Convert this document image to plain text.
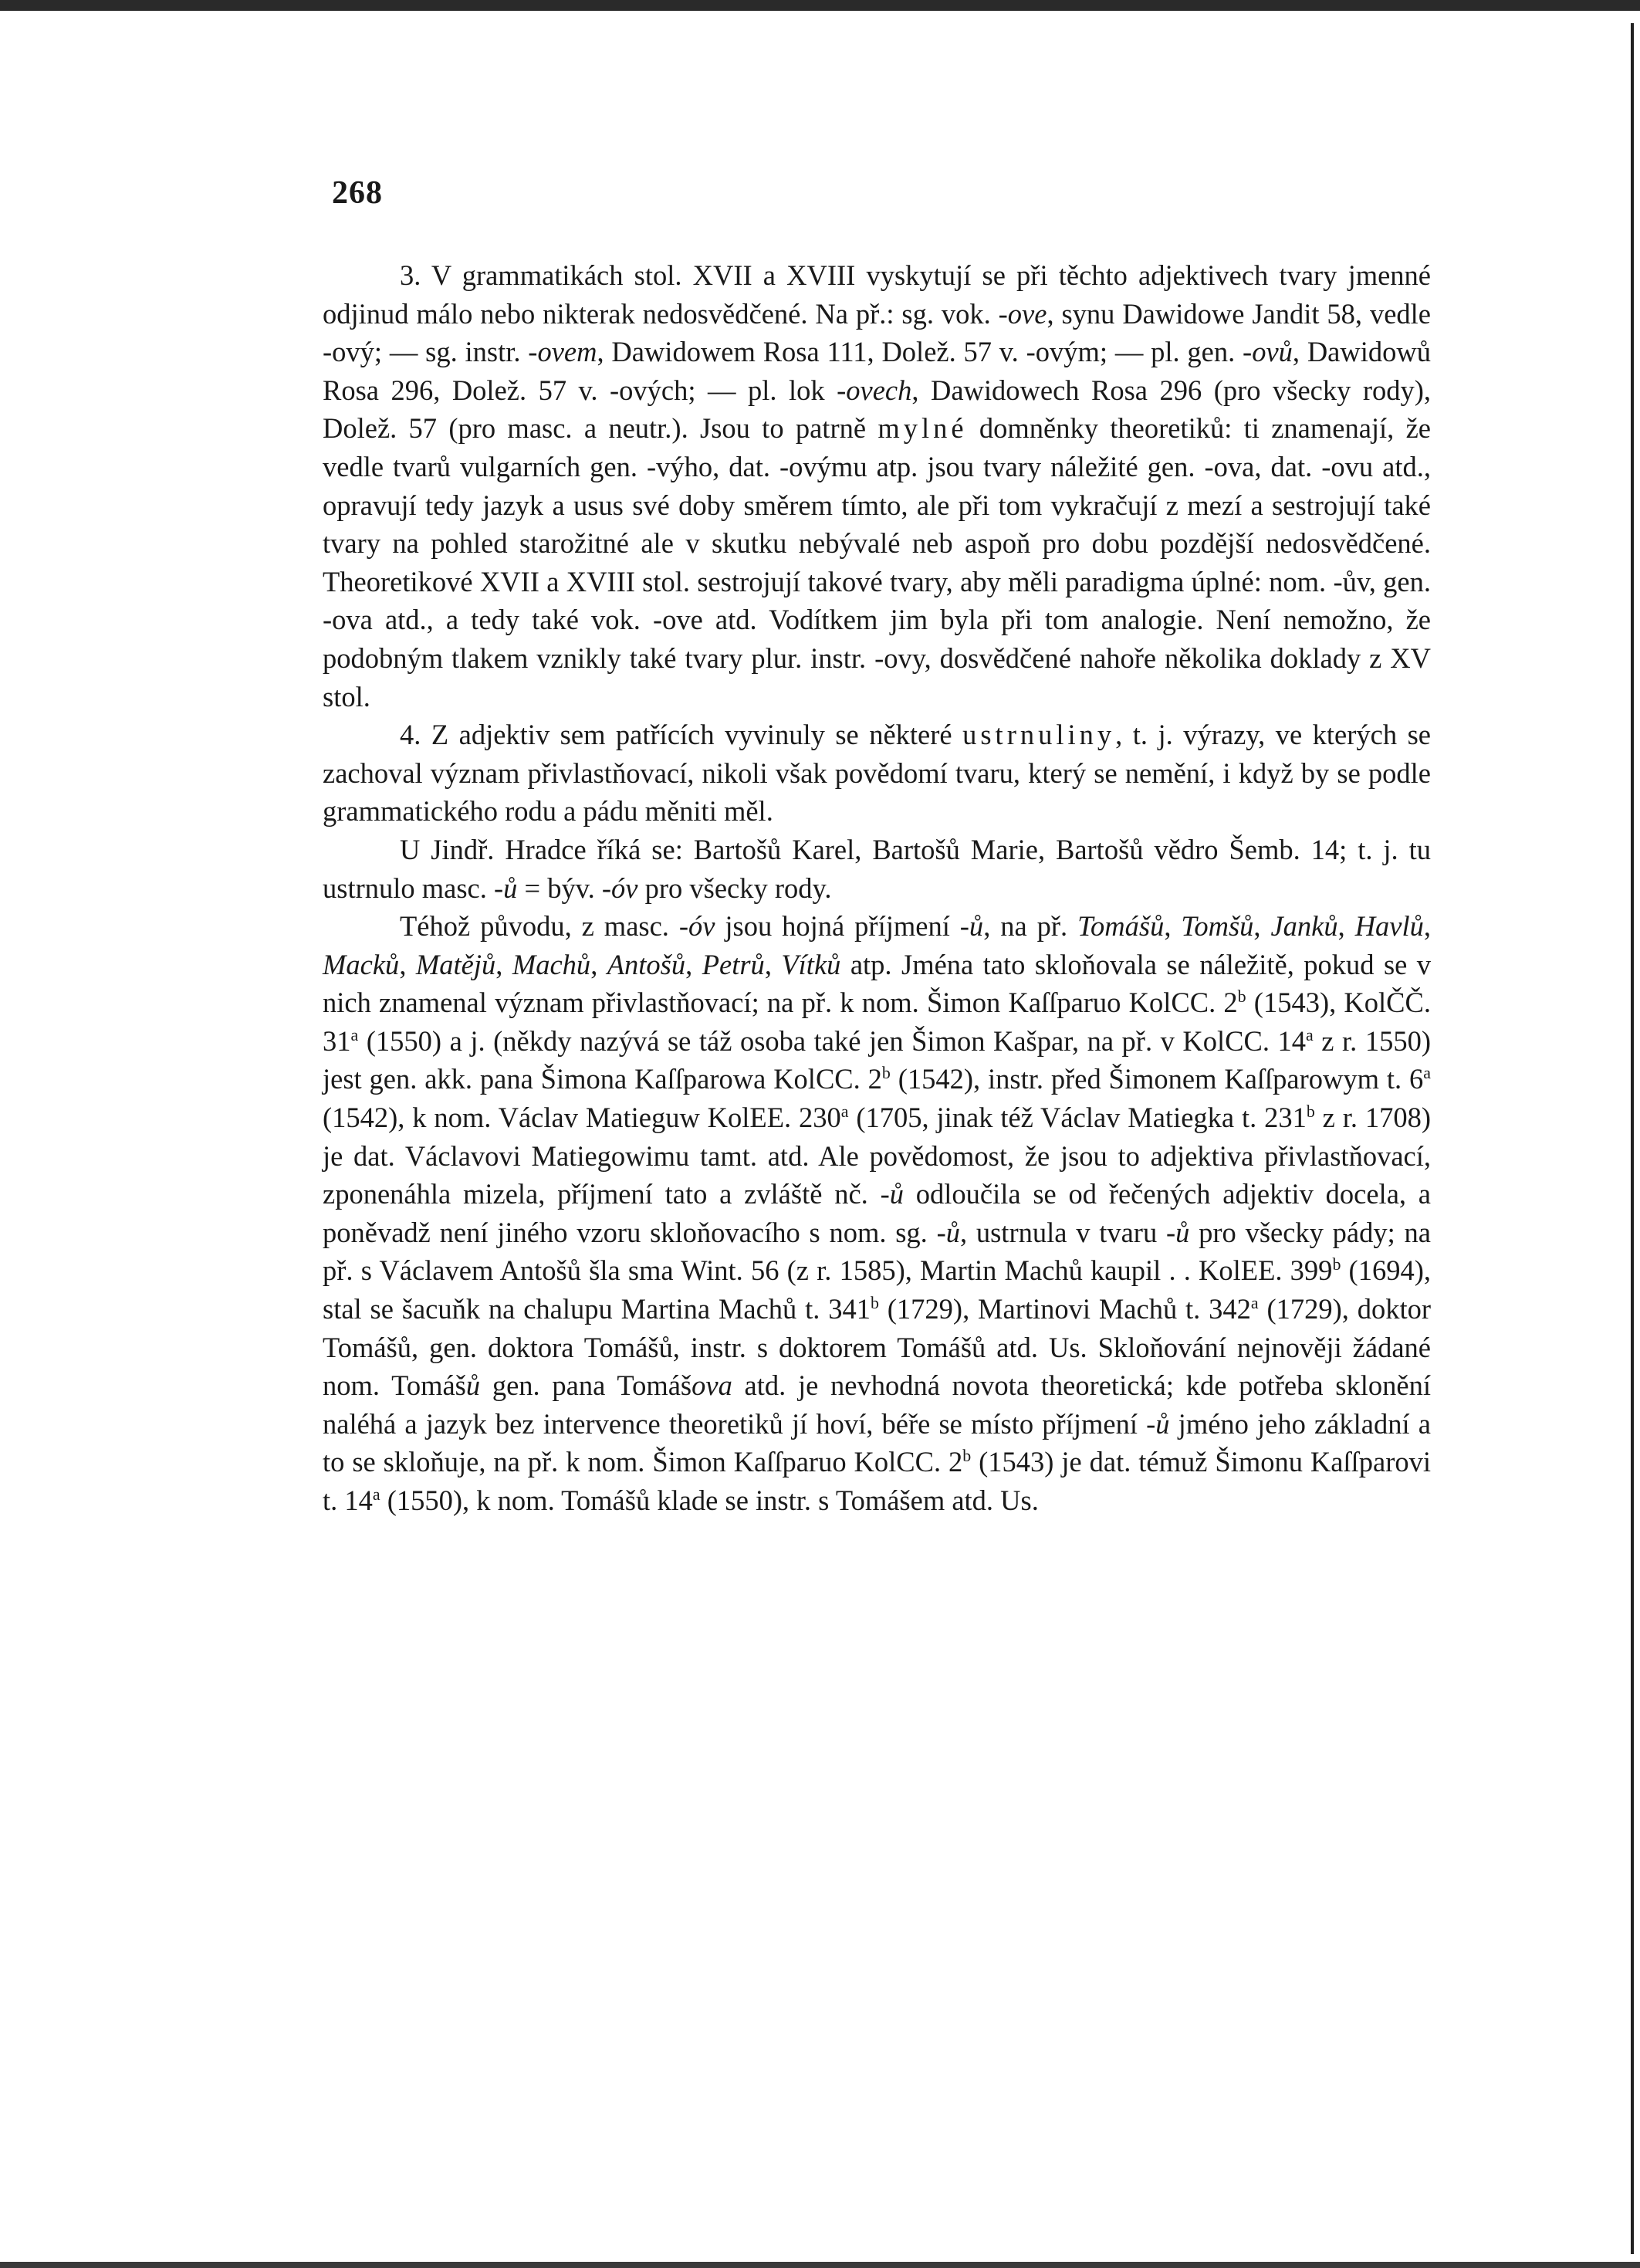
268

3. V grammatikách stol. XVII a XVIII vyskytují se při těchto adjektivech tvary jmenné odjinud málo nebo nikterak nedosvědčené. Na př.: sg. vok. -ove, synu Dawidowe Jandit 58, vedle -ový; — sg. instr. -ovem, Dawidowem Rosa 111, Dolež. 57 v. -ovým; — pl. gen. -ovů, Dawidowů Rosa 296, Dolež. 57 v. -ových; — pl. lok -ovech, Dawidowech Rosa 296 (pro všecky rody), Dolež. 57 (pro masc. a neutr.). Jsou to patrně mylné domněnky theoretiků: ti znamenají, že vedle tvarů vulgarních gen. -výho, dat. -ovýmu atp. jsou tvary náležité gen. -ova, dat. -ovu atd., opravují tedy jazyk a usus své doby směrem tímto, ale při tom vykračují z mezí a sestrojují také tvary na pohled starožitné ale v skutku nebývalé neb aspoň pro dobu pozdější nedosvědčené. Theoretikové XVII a XVIII stol. sestrojují takové tvary, aby měli paradigma úplné: nom. -ův, gen. -ova atd., a tedy také vok. -ove atd. Vodítkem jim byla při tom analogie. Není nemožno, že podobným tlakem vznikly také tvary plur. instr. -ovy, dosvědčené nahoře několika doklady z XV stol.

4. Z adjektiv sem patřících vyvinuly se některé ustrnuliny, t. j. výrazy, ve kterých se zachoval význam přivlastňovací, nikoli však povědomí tvaru, který se nemění, i když by se podle grammatického rodu a pádu měniti měl.

U Jindř. Hradce říká se: Bartošů Karel, Bartošů Marie, Bartošů vědro Šemb. 14; t. j. tu ustrnulo masc. -ů = býv. -óv pro všecky rody.

Téhož původu, z masc. -óv jsou hojná příjmení -ů, na př. Tomášů, Tomšů, Janků, Havlů, Macků, Matějů, Machů, Antošů, Petrů, Vítků atp. Jména tato skloňovala se náležitě, pokud se v nich znamenal význam přivlastňovací; na př. k nom. Šimon Kaſſparuo KolCC. 2$^b$ (1543), KolČČ. 31$^a$ (1550) a j. (někdy nazývá se táž osoba také jen Šimon Kašpar, na př. v KolCC. 14$^a$ z r. 1550) jest gen. akk. pana Šimona Kaſſparowa KolCC. 2$^b$ (1542), instr. před Šimonem Kaſſparowym t. 6$^a$ (1542), k nom. Václav Matieguw KolEE. 230$^a$ (1705, jinak též Václav Matiegka t. 231$^b$ z r. 1708) je dat. Václavovi Matiegowimu tamt. atd. Ale povědomost, že jsou to adjektiva přivlastňovací, zponenáhla mizela, příjmení tato a zvláště nč. -ů odloučila se od řečených adjektiv docela, a poněvadž není jiného vzoru skloňovacího s nom. sg. -ů, ustrnula v tvaru -ů pro všecky pády; na př. s Václavem Antošů šla sma Wint. 56 (z r. 1585), Martin Machů kaupil . . KolEE. 399$^b$ (1694), stal se šacuňk na chalupu Martina Machů t. 341$^b$ (1729), Martinovi Machů t. 342$^a$ (1729), doktor Tomášů, gen. doktora Tomášů, instr. s doktorem Tomášů atd. Us. Skloňování nejnověji žádané nom. Tomášů gen. pana Tomášova atd. je nevhodná novota theoretická; kde potřeba sklonění naléhá a jazyk bez intervence theoretiků jí hoví, béře se místo příjmení -ů jméno jeho základní a to se skloňuje, na př. k nom. Šimon Kaſſparuo KolCC. 2$^b$ (1543) je dat. témuž Šimonu Kaſſparovi t. 14$^a$ (1550), k nom. Tomášů klade se instr. s Tomášem atd. Us.
